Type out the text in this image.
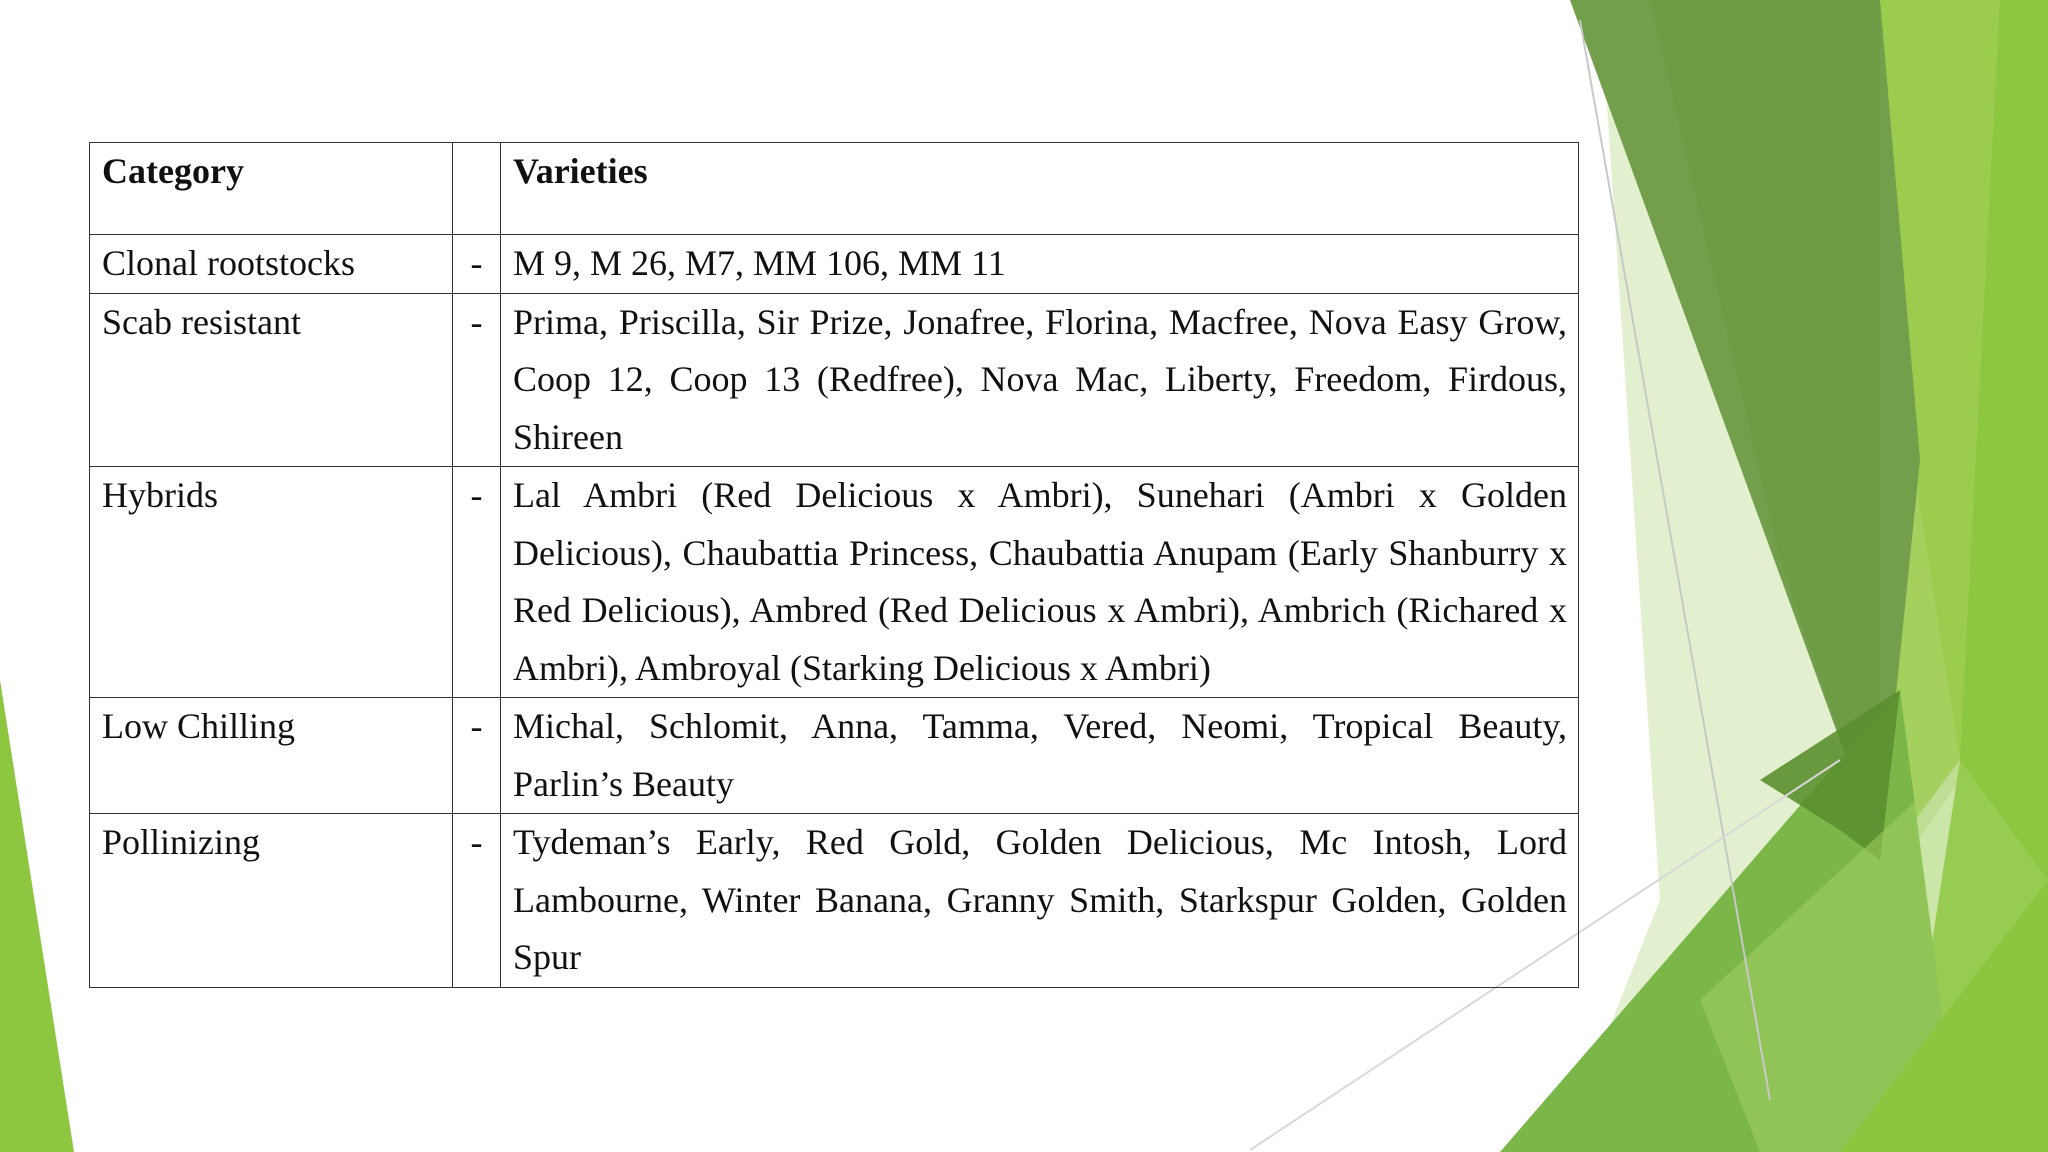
Category		Varieties
Clonal rootstocks	-	M 9, M 26, M7, MM 106, MM 11
Scab resistant	-	Prima, Priscilla, Sir Prize, Jonafree, Florina, Macfree, Nova Easy Grow, Coop 12, Coop 13 (Redfree), Nova Mac, Liberty, Freedom, Firdous, Shireen
Hybrids	-	Lal Ambri (Red Delicious x Ambri), Sunehari (Ambri x Golden Delicious), Chaubattia Princess, Chaubattia Anupam (Early Shanburry x Red Delicious), Ambred (Red Delicious x Ambri), Ambrich (Richared x Ambri), Ambroyal (Starking Delicious x Ambri)
Low Chilling	-	Michal, Schlomit, Anna, Tamma, Vered, Neomi, Tropical Beauty, Parlin’s Beauty
Pollinizing	-	Tydeman’s Early, Red Gold, Golden Delicious, Mc Intosh, Lord Lambourne, Winter Banana, Granny Smith, Starkspur Golden, Golden Spur
